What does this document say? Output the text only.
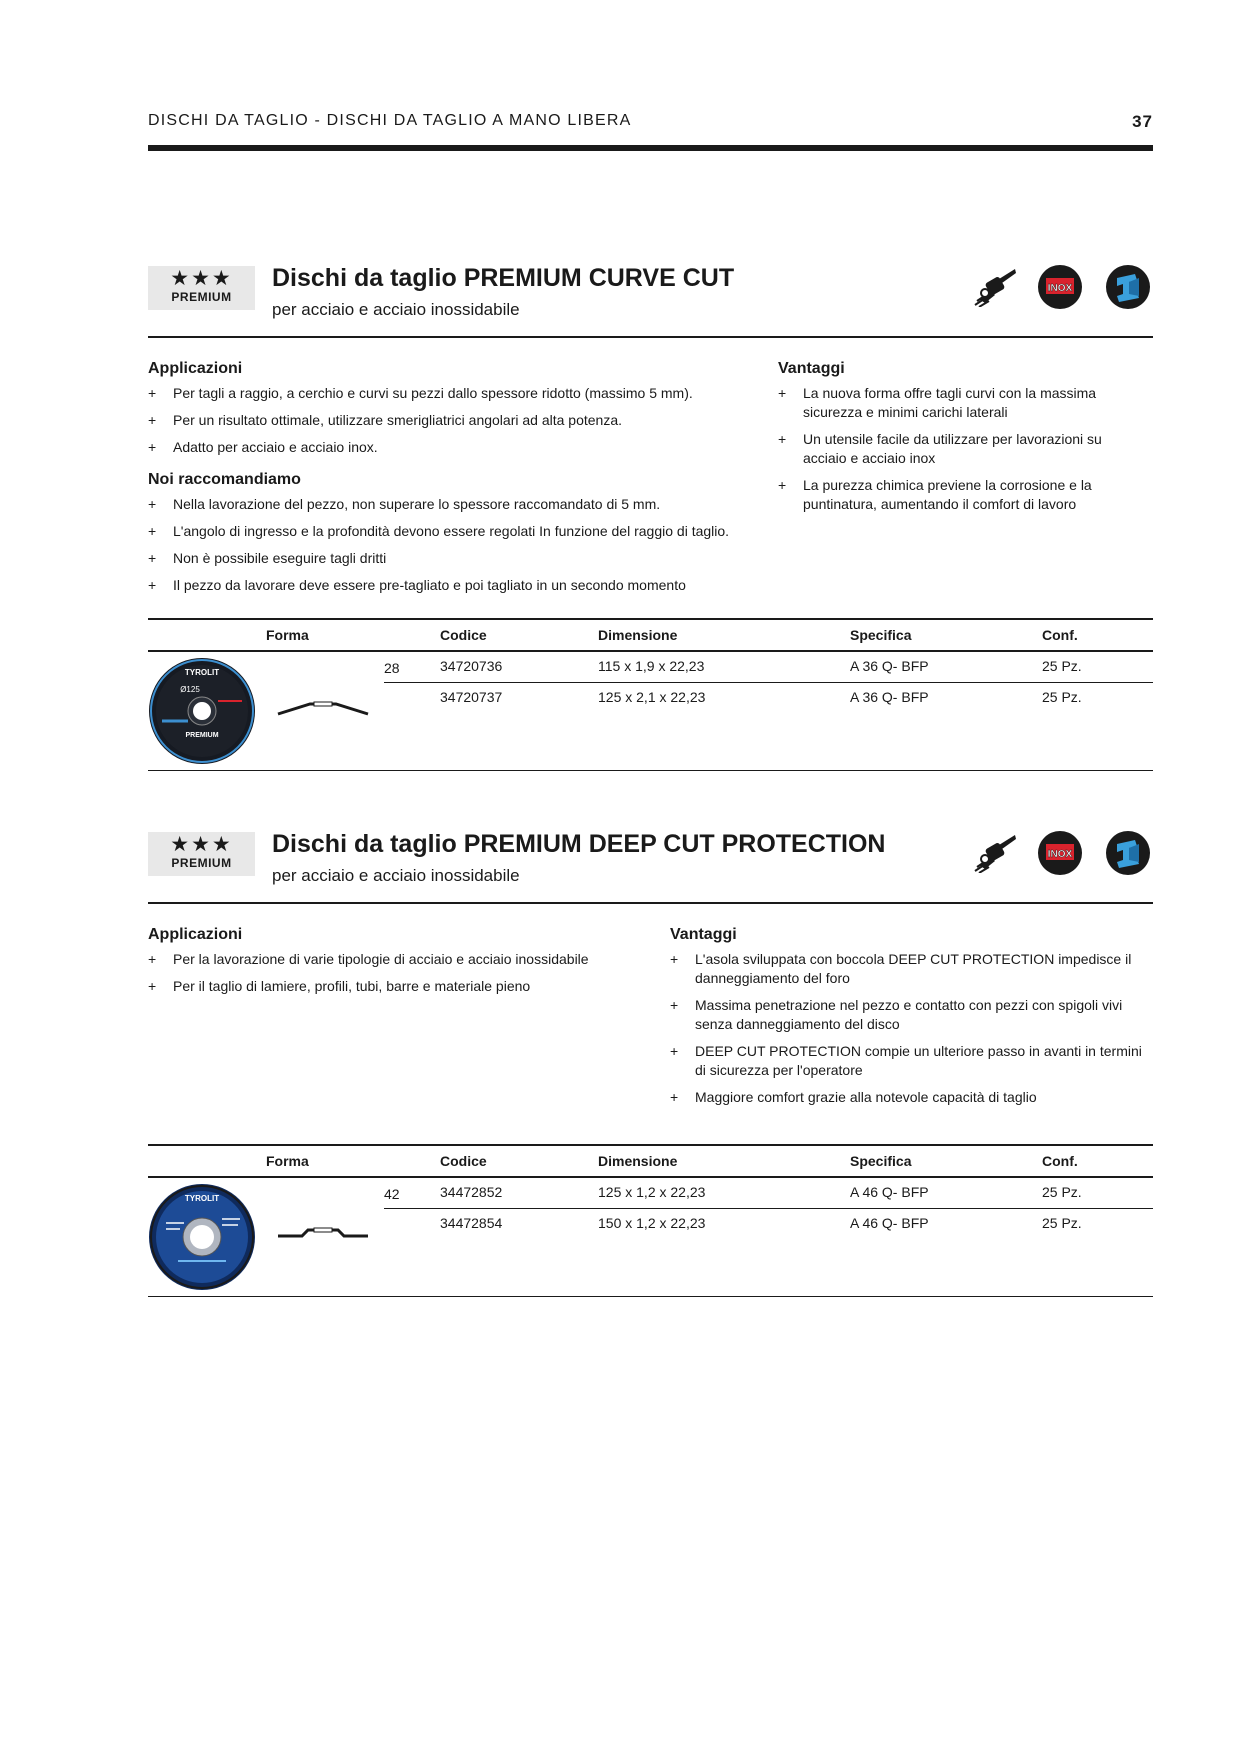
DISCHI DA TAGLIO - DISCHI DA TAGLIO A MANO LIBERA	37
★★★
PREMIUM
Dischi da taglio PREMIUM CURVE CUT
per acciaio e acciaio inossidabile
INOX
Applicazioni
+ Per tagli a raggio, a cerchio e curvi su pezzi dallo spessore ridotto (massimo 5 mm).
+ Per un risultato ottimale, utilizzare smerigliatrici angolari ad alta potenza.
+ Adatto per acciaio e acciaio inox.
Noi raccomandiamo
+ Nella lavorazione del pezzo, non superare lo spessore raccomandato di 5 mm.
+ L'angolo di ingresso e la profondità devono essere regolati In funzione del raggio di taglio.
+ Non è possibile eseguire tagli dritti
+ Il pezzo da lavorare deve essere pre-tagliato e poi tagliato in un secondo momento
Vantaggi
+ La nuova forma offre tagli curvi con la massima sicurezza e minimi carichi laterali
+ Un utensile facile da utilizzare per lavorazioni su acciaio e acciaio inox
+ La purezza chimica previene la corrosione e la puntinatura, aumentando il comfort di lavoro
Forma	Codice	Dimensione	Specifica	Conf.
TYROLIT
Ø125
PREMIUM
28	34720736	115 x 1,9 x 22,23	A 36 Q- BFP	25 Pz.
34720737	125 x 2,1 x 22,23	A 36 Q- BFP	25 Pz.
★★★
PREMIUM
Dischi da taglio PREMIUM DEEP CUT PROTECTION
per acciaio e acciaio inossidabile
INOX
Applicazioni
+ Per la lavorazione di varie tipologie di acciaio e acciaio inossidabile
+ Per il taglio di lamiere, profili, tubi, barre e materiale pieno
Vantaggi
+ L'asola sviluppata con boccola DEEP CUT PROTECTION impedisce il danneggiamento del foro
+ Massima penetrazione nel pezzo e contatto con pezzi con spigoli vivi senza danneggiamento del disco
+ DEEP CUT PROTECTION compie un ulteriore passo in avanti in termini di sicurezza per l'operatore
+ Maggiore comfort grazie alla notevole capacità di taglio
Forma	Codice	Dimensione	Specifica	Conf.
TYROLIT	42	34472852	125 x 1,2 x 22,23	A 46 Q- BFP	25 Pz.
34472854	150 x 1,2 x 22,23	A 46 Q- BFP	25 Pz.
